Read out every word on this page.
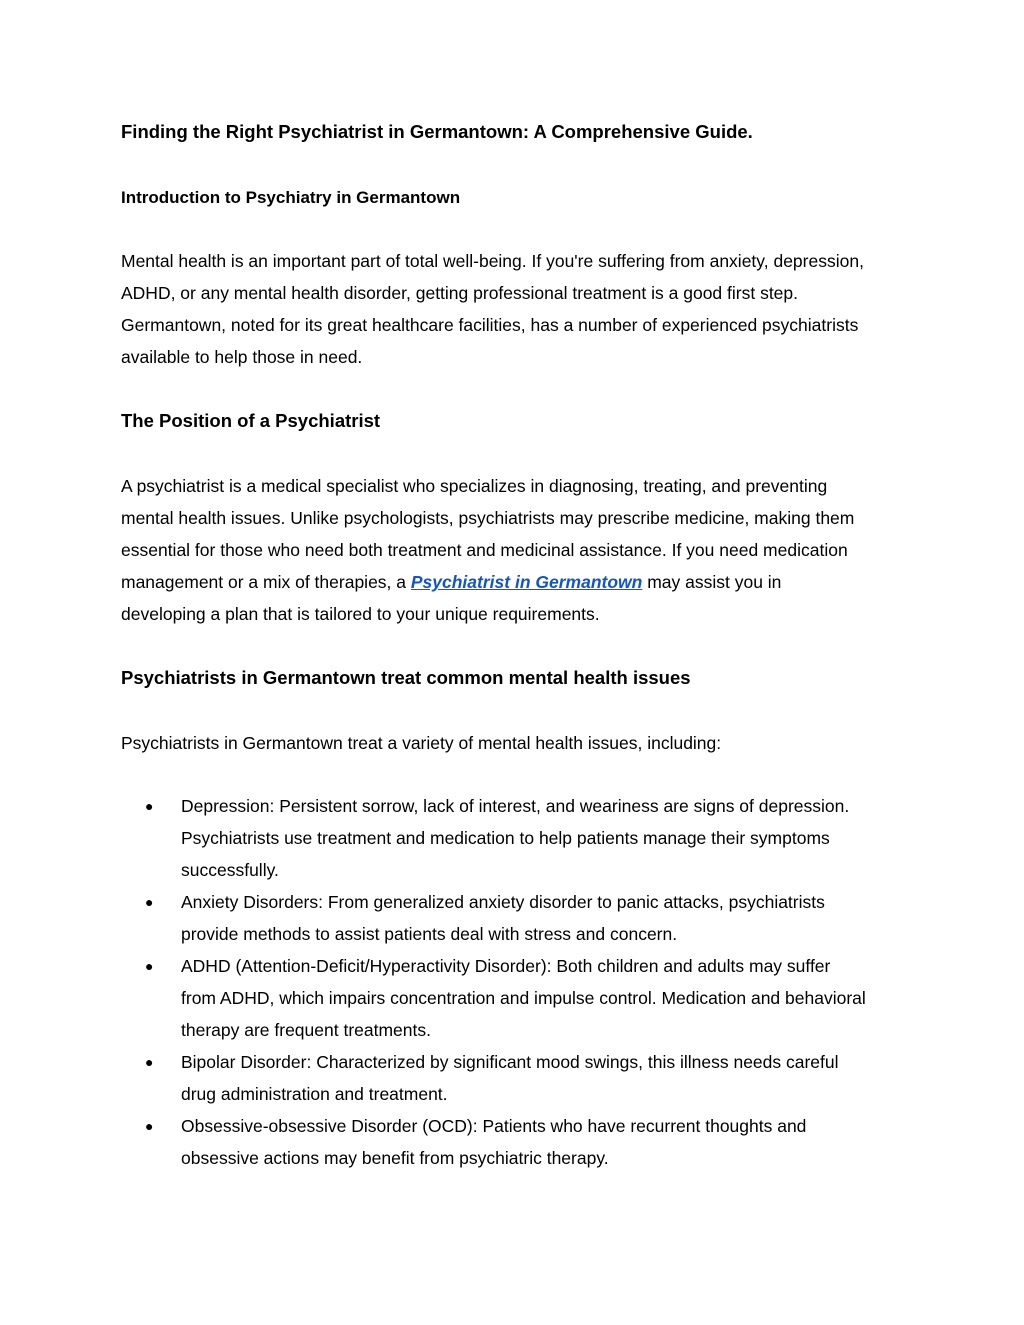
Finding the Right Psychiatrist in Germantown: A Comprehensive Guide.
Introduction to Psychiatry in Germantown

Mental health is an important part of total well-being. If you're suffering from anxiety, depression,
ADHD, or any mental health disorder, getting professional treatment is a good first step.
Germantown, noted for its great healthcare facilities, has a number of experienced psychiatrists
available to help those in need.

The Position of a Psychiatrist

A psychiatrist is a medical specialist who specializes in diagnosing, treating, and preventing
mental health issues. Unlike psychologists, psychiatrists may prescribe medicine, making them
essential for those who need both treatment and medicinal assistance. If you need medication
management or a mix of therapies, a Psychiatrist in Germantown may assist you in
developing a plan that is tailored to your unique requirements.

Psychiatrists in Germantown treat common mental health issues

Psychiatrists in Germantown treat a variety of mental health issues, including:

● Depression: Persistent sorrow, lack of interest, and weariness are signs of depression.
Psychiatrists use treatment and medication to help patients manage their symptoms
successfully.
● Anxiety Disorders: From generalized anxiety disorder to panic attacks, psychiatrists
provide methods to assist patients deal with stress and concern.
● ADHD (Attention-Deficit/Hyperactivity Disorder): Both children and adults may suffer
from ADHD, which impairs concentration and impulse control. Medication and behavioral
therapy are frequent treatments.
● Bipolar Disorder: Characterized by significant mood swings, this illness needs careful
drug administration and treatment.
● Obsessive-obsessive Disorder (OCD): Patients who have recurrent thoughts and
obsessive actions may benefit from psychiatric therapy.
